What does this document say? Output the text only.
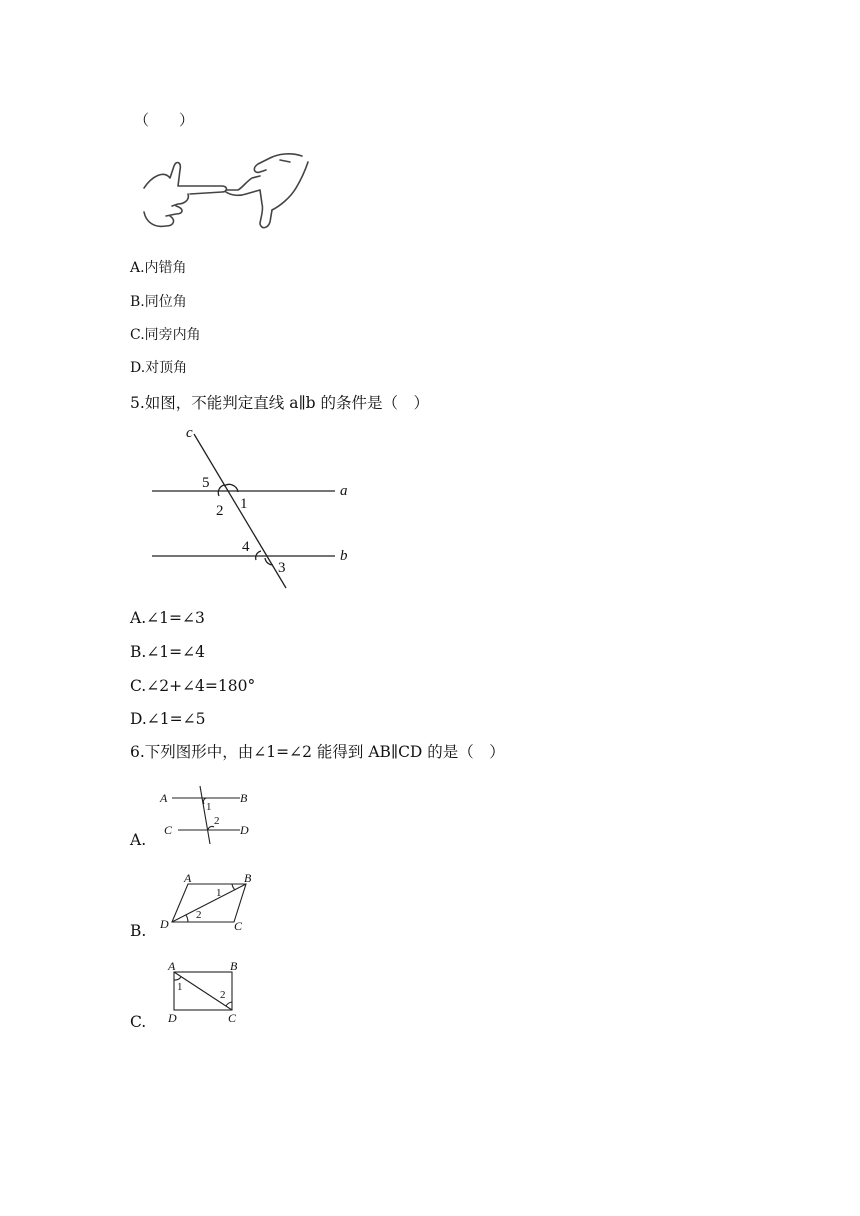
（　　）
A.内错角
B.同位角
C.同旁内角
D.对顶角
5.如图，不能判定直线 a∥b 的条件是（　）
c
a
b
5
2 1
4
3
A.∠1=∠3
B.∠1=∠4
C.∠2+∠4=180°
D.∠1=∠5
6.下列图形中，由∠1=∠2 能得到 AB∥CD 的是（　）
A.
A	B
C	D
1
2
B.
A	B
C
D
1
2
C.
A	B
C
D
1
2
